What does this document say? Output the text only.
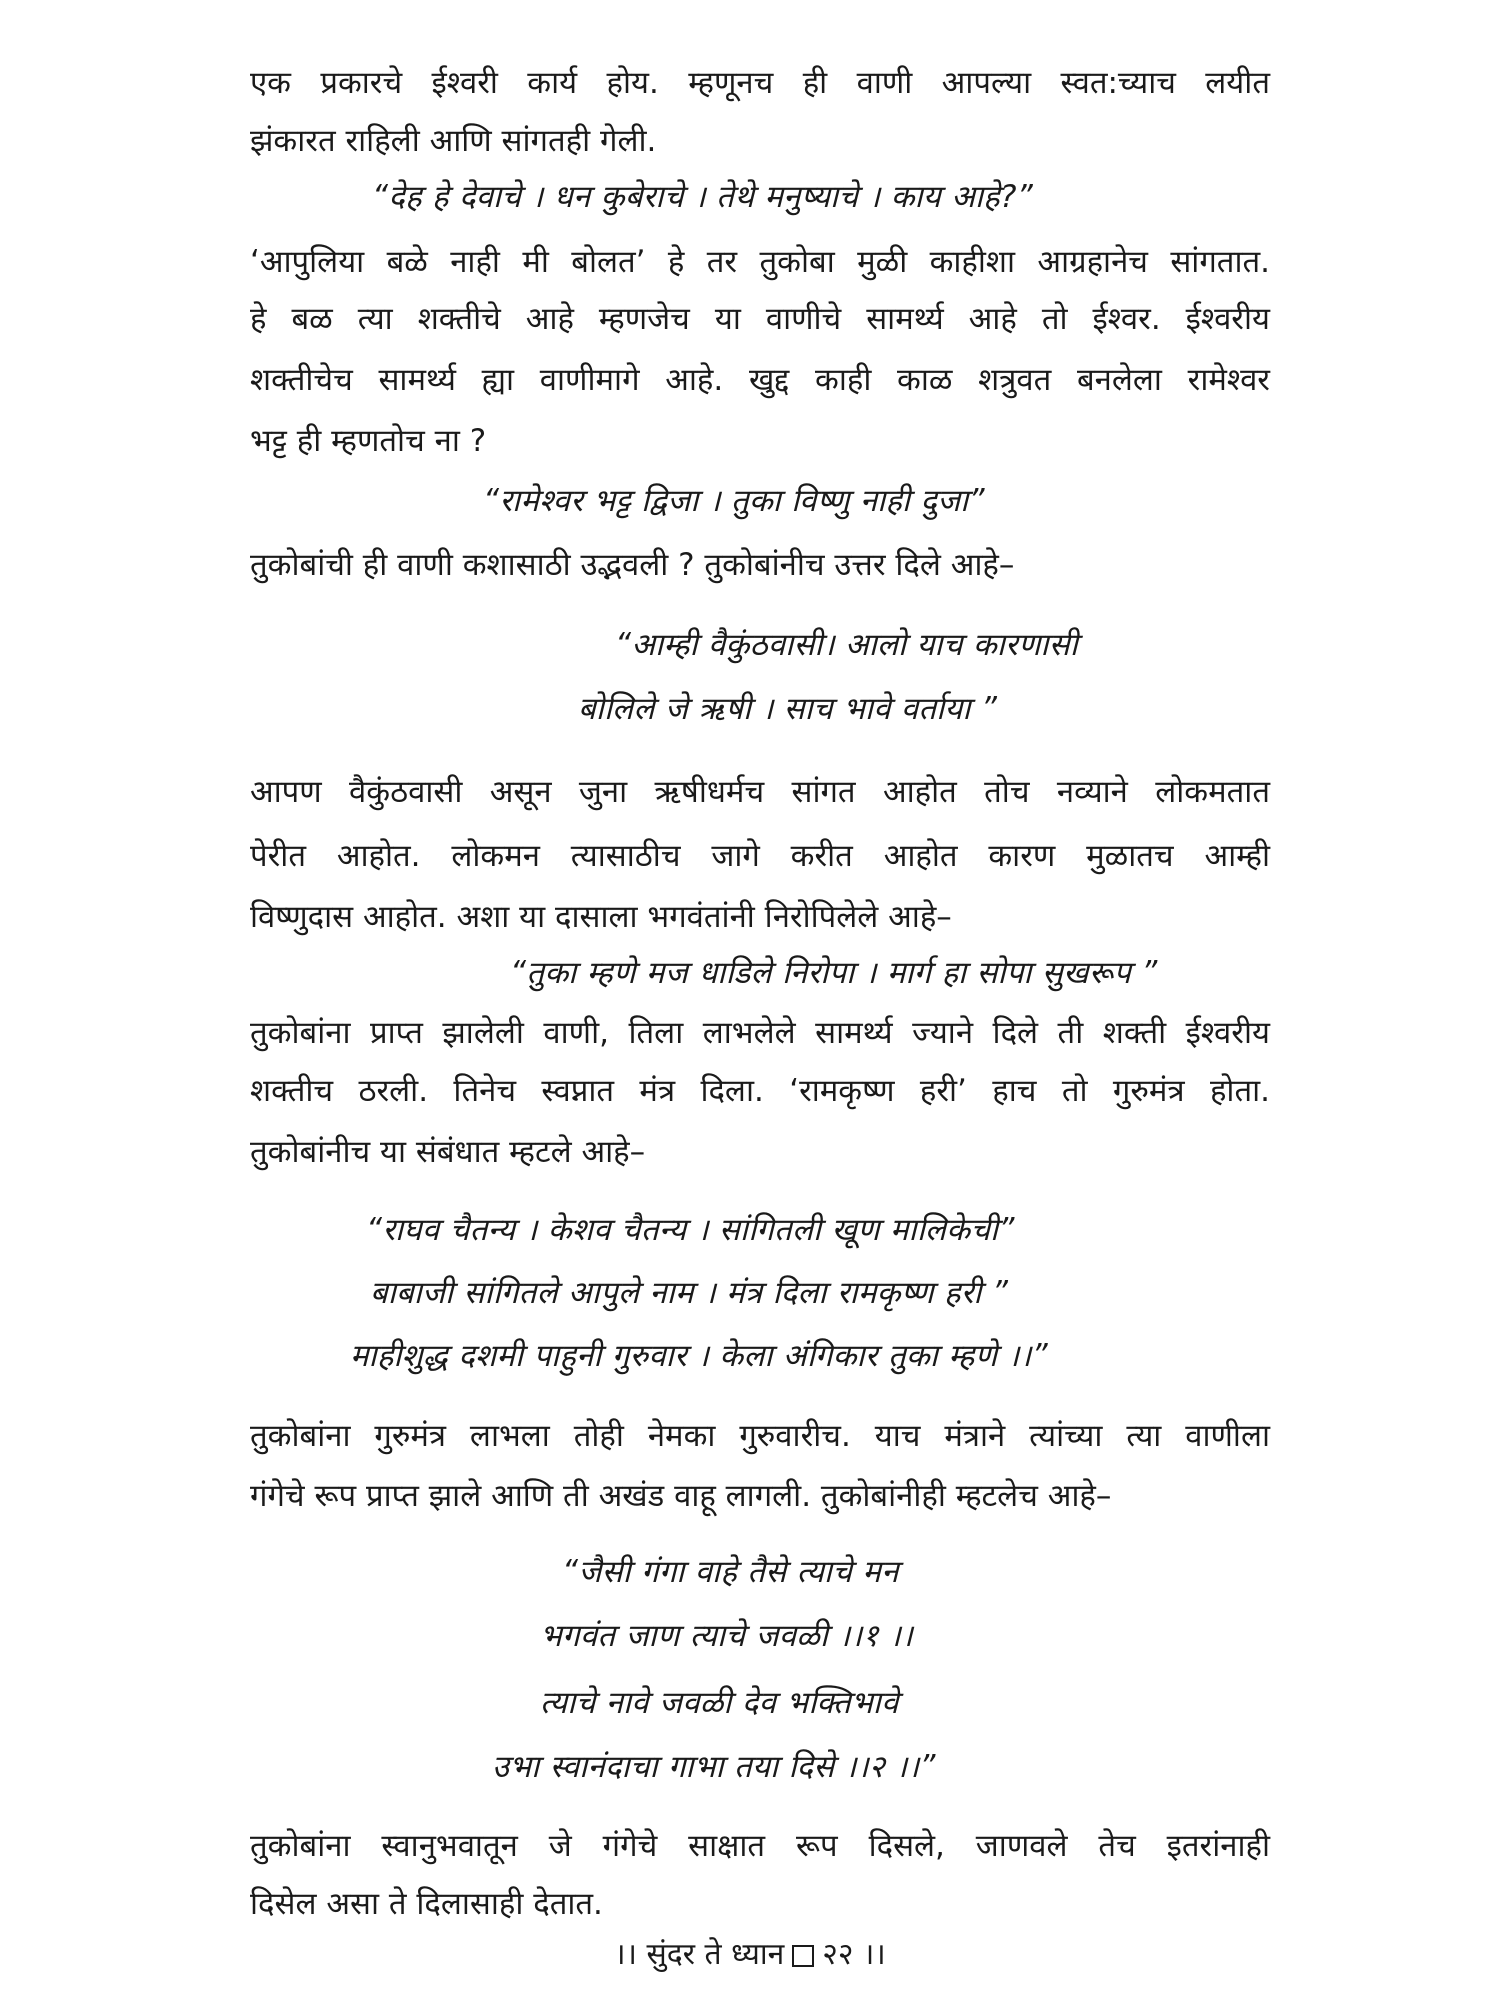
एक प्रकारचे ईश्वरी कार्य होय. म्हणूनच ही वाणी आपल्या स्वत:च्याच लयीत
झंकारत राहिली आणि सांगतही गेली.
“देह हे देवाचे । धन कुबेराचे । तेथे मनुष्याचे । काय आहे?”
‘आपुलिया बळे नाही मी बोलत’ हे तर तुकोबा मुळी काहीशा आग्रहानेच सांगतात.
हे बळ त्या शक्तीचे आहे म्हणजेच या वाणीचे सामर्थ्य आहे तो ईश्वर. ईश्वरीय
शक्तीचेच सामर्थ्य ह्या वाणीमागे आहे. खुद्द काही काळ शत्रुवत बनलेला रामेश्वर
भट्ट ही म्हणतोच ना ?
“रामेश्वर भट्ट द्विजा । तुका विष्णु नाही दुजा”
तुकोबांची ही वाणी कशासाठी उद्भवली ? तुकोबांनीच उत्तर दिले आहे–
“आम्ही वैकुंठवासी। आलो याच कारणासी
बोलिले जे ऋषी । साच भावे वर्ताया ”
आपण वैकुंठवासी असून जुना ऋषीधर्मच सांगत आहोत तोच नव्याने लोकमतात
पेरीत आहोत. लोकमन त्यासाठीच जागे करीत आहोत कारण मुळातच आम्ही
विष्णुदास आहोत. अशा या दासाला भगवंतांनी निरोपिलेले आहे–
“तुका म्हणे मज धाडिले निरोपा । मार्ग हा सोपा सुखरूप ”
तुकोबांना प्राप्त झालेली वाणी, तिला लाभलेले सामर्थ्य ज्याने दिले ती शक्ती ईश्वरीय
शक्तीच ठरली. तिनेच स्वप्नात मंत्र दिला. ‘रामकृष्ण हरी’ हाच तो गुरुमंत्र होता.
तुकोबांनीच या संबंधात म्हटले आहे–
“राघव चैतन्य । केशव चैतन्य । सांगितली खूण मालिकेची”
बाबाजी सांगितले आपुले नाम । मंत्र दिला रामकृष्ण हरी ”
माहीशुद्ध दशमी पाहुनी गुरुवार । केला अंगिकार तुका म्हणे ।।”
तुकोबांना गुरुमंत्र लाभला तोही नेमका गुरुवारीच. याच मंत्राने त्यांच्या त्या वाणीला
गंगेचे रूप प्राप्त झाले आणि ती अखंड वाहू लागली. तुकोबांनीही म्हटलेच आहे–
“जैसी गंगा वाहे तैसे त्याचे मन
भगवंत जाण त्याचे जवळी ।।१ ।।
त्याचे नावे जवळी देव भक्तिभावे
उभा स्वानंदाचा गाभा तया दिसे ।।२ ।।”
तुकोबांना स्वानुभवातून जे गंगेचे साक्षात रूप दिसले, जाणवले तेच इतरांनाही
दिसेल असा ते दिलासाही देतात.
।। सुंदर ते ध्यान २२ ।।
